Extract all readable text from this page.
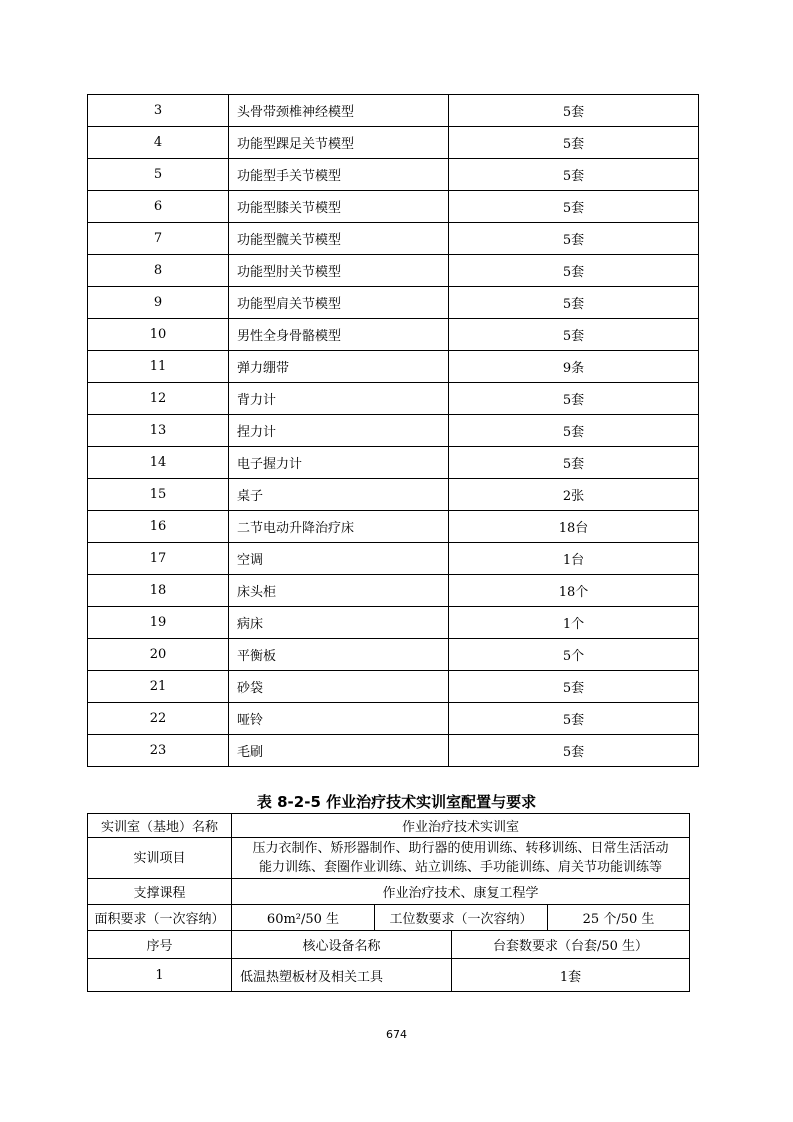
3	头骨带颈椎神经模型	5套
4	功能型踝足关节模型	5套
5	功能型手关节模型	5套
6	功能型膝关节模型	5套
7	功能型髋关节模型	5套
8	功能型肘关节模型	5套
9	功能型肩关节模型	5套
10	男性全身骨骼模型	5套
11	弹力绷带	9条
12	背力计	5套
13	捏力计	5套
14	电子握力计	5套
15	桌子	2张
16	二节电动升降治疗床	18台
17	空调	1台
18	床头柜	18个
19	病床	1个
20	平衡板	5个
21	砂袋	5套
22	哑铃	5套
23	毛刷	5套
表 8-2-5 作业治疗技术实训室配置与要求
实训室（基地）名称	作业治疗技术实训室			
实训项目	压力衣制作、矫形器制作、助行器的使用训练、转移训练、日常生活活动
能力训练、套圈作业训练、站立训练、手功能训练、肩关节功能训练等			

支撑课程	作业治疗技术、康复工程学			
面积要求（一次容纳）	60m²/50 生	工位数要求（一次容纳）		25 个/50 生
序号	核心设备名称		台套数要求（台套/50 生）	
1	低温热塑板材及相关工具		1套	
674
